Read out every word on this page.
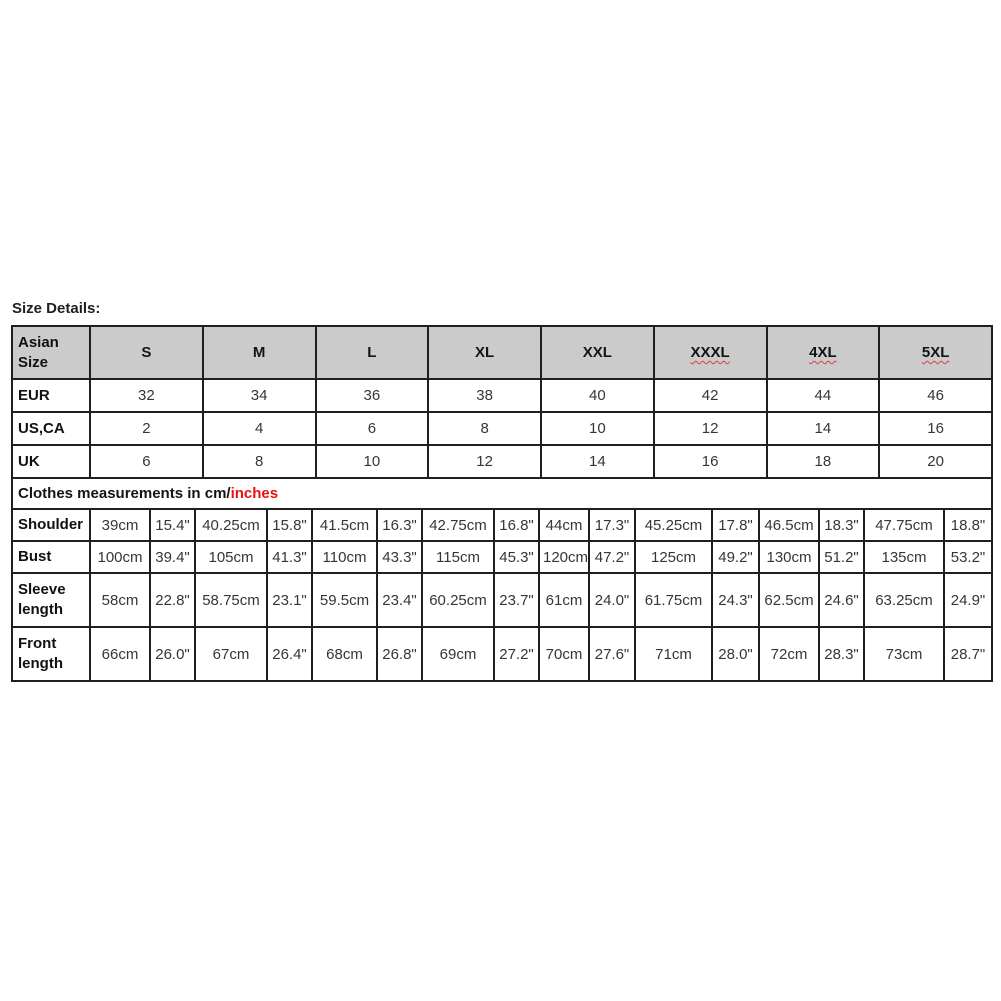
Size Details:
Asian Size	S	M	L	XL	XXL	XXXL	4XL	5XL
EUR	32	34	36	38	40	42	44	46
US,CA	2	4	6	8	10	12	14	16
UK	6	8	10	12	14	16	18	20
Clothes measurements in cm/inches								
Shoulder	39cm	15.4"	40.25cm	15.8"	41.5cm	16.3"	42.75cm	16.8"	44cm	17.3"	45.25cm	17.8"	46.5cm	18.3"	47.75cm	18.8"
Bust	100cm	39.4"	105cm	41.3"	110cm	43.3"	115cm	45.3"	120cm	47.2"	125cm	49.2"	130cm	51.2"	135cm	53.2"
Sleeve length	58cm	22.8"	58.75cm	23.1"	59.5cm	23.4"	60.25cm	23.7"	61cm	24.0"	61.75cm	24.3"	62.5cm	24.6"	63.25cm	24.9"
Front length	66cm	26.0"	67cm	26.4"	68cm	26.8"	69cm	27.2"	70cm	27.6"	71cm	28.0"	72cm	28.3"	73cm	28.7"
